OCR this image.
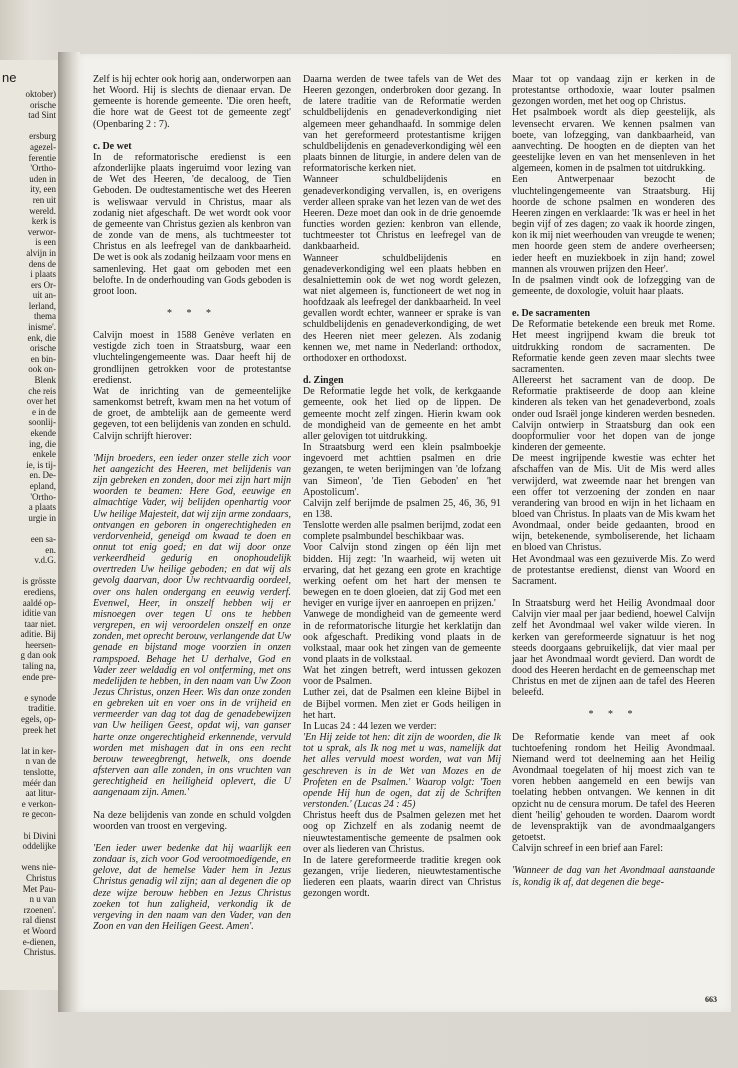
ne
oktober)
orische
tad Sint

ersburg
agezel-
ferentie
'Ortho-
uden in
ity, een
ren uit
wereld.
kerk is
verwor-
is een
alvijn in
dens de
i plaats
ers Or-
uit an-
lerland,
thema
inisme'.
enk, die
orische
en bin-
ook on-
Blenk
che reis
over het
e in de
soonlij-
ekende
ing, die
enkele
ie, is tij-
en. De-
epland,
'Ortho-
a plaats
urgie in

een sa-
en.
v.d.G.

is grösste
erediens,
aaldé op-
iditie van
taar niet.
aditie. Bij
heersen-
g dan ook
taling na,
ende pre-

e synode
traditie.
egels, op-
preek het

lat in ker-
n van de
tenslotte,
méér dan
aat litur-
e verkon-
re gecon-

bi Divini
oddelijke

wens nie-
Christus
Met Pau-
n u van
rzoenen'.
ral dienst
et Woord
e-dienen,
Christus.

Zelf is hij echter ook horig aan, onderworpen aan het Woord. Hij is slechts de dienaar ervan. De gemeente is horende gemeente. 'Die oren heeft, die hore wat de Geest tot de gemeente zegt' (Openbaring 2 : 7).

c. De wet

In de reformatorische eredienst is een afzonderlijke plaats ingeruimd voor lezing van de Wet des Heeren, 'de decaloog, de Tien Geboden. De oudtestamentische wet des Heeren is weliswaar vervuld in Christus, maar als zodanig niet afgeschaft. De wet wordt ook voor de gemeente van Christus gezien als kenbron van de zonde van de mens, als tuchtmeester tot Christus en als leefregel van de dankbaarheid. De wet is ook als zodanig heilzaam voor mens en samenleving. Het gaat om geboden met een belofte. In de onderhouding van Gods geboden is groot loon.

* * *

Calvijn moest in 1588 Genève verlaten en vestigde zich toen in Straatsburg, waar een vluchtelingengemeente was. Daar heeft hij de grondlijnen getrokken voor de protestantse eredienst.

Wat de inrichting van de gemeentelijke samenkomst betreft, kwam men na het votum of de groet, de ambtelijk aan de gemeente werd gegeven, tot een belijdenis van zonden en schuld. Calvijn schrijft hierover:

'Mijn broeders, een ieder onzer stelle zich voor het aangezicht des Heeren, met belijdenis van zijn gebreken en zonden, door mei zijn hart mijn woorden te beamen: Here God, eeuwige en almachtige Vader, wij belijden openhartig voor Uw heilige Majesteit, dat wij zijn arme zondaars, ontvangen en geboren in ongerechtigheden en verdorvenheid, geneigd om kwaad te doen en onnut tot enig goed; en dat wij door onze verkeerdheid gedurig en onophoudelijk overtreden Uw heilige geboden; en dat wij als gevolg daarvan, door Uw rechtvaardig oordeel, over ons halen ondergang en eeuwig verderf. Evenwel, Heer, in onszelf hebben wij er misnoegen over tegen U ons te hebben vergrepen, en wij veroordelen onszelf en onze zonden, met oprecht berouw, verlangende dat Uw genade en bijstand moge voorzien in onzen rampspoed. Behage het U derhalve, God en Vader zeer weldadig en vol ontferming, met ons medelijden te hebben, in den naam van Uw Zoon Jezus Christus, onzen Heer. Wis dan onze zonden en gebreken uit en voer ons in de vrijheid en vermeerder van dag tot dag de genadebewijzen van Uw heiligen Geest, opdat wij, van ganser harte onze ongerechtigheid erkennende, vervuld worden met mishagen dat in ons een recht berouw teweegbrengt, hetwelk, ons doende afsterven aan alle zonden, in ons vruchten van gerechtigheid en heiligheid oplevert, die U aangenaam zijn. Amen.'

Na deze belijdenis van zonde en schuld volgden woorden van troost en vergeving.

'Een ieder uwer bedenke dat hij waarlijk een zondaar is, zich voor God verootmoedigende, en gelove, dat de hemelse Vader hem in Jezus Christus genadig wil zijn; aan al degenen die op deze wijze berouw hebben en Jezus Christus zoeken tot hun zaligheid, verkondig ik de vergeving in den naam van den Vader, van den Zoon en van den Heiligen Geest. Amen'.

Daarna werden de twee tafels van de Wet des Heeren gezongen, onderbroken door gezang. In de latere traditie van de Reformatie werden schuldbelijdenis en genadeverkondiging niet algemeen meer gehandhaafd. In sommige delen van het gereformeerd protestantisme krijgen schuldbelijdenis en genadeverkondiging wèl een plaats binnen de liturgie, in andere delen van de reformatorische kerken niet.

Wanneer schuldbelijdenis en genadeverkondiging vervallen, is, en overigens verder alleen sprake van het lezen van de wet des Heeren. Deze moet dan ook in de drie genoemde functies worden gezien: kenbron van ellende, tuchtmeester tot Christus en leefregel van de dankbaarheid.

Wanneer schuldbelijdenis en genadeverkondiging wel een plaats hebben en desalniettemin ook de wet nog wordt gelezen, wat niet algemeen is, functioneert de wet nog in hoofdzaak als leefregel der dankbaarheid. In veel gevallen wordt echter, wanneer er sprake is van schuldbelijdenis en genadeverkondiging, de wet des Heeren niet meer gelezen. Als zodanig kennen we, met name in Nederland: orthodox, orthodoxer en orthodoxst.

d. Zingen

De Reformatie legde het volk, de kerkgaande gemeente, ook het lied op de lippen. De gemeente mocht zelf zingen. Hierin kwam ook de mondigheid van de gemeente en het ambt aller gelovigen tot uitdrukking.

In Straatsburg werd een klein psalmboekje ingevoerd met achttien psalmen en drie gezangen, te weten berijmingen van 'de lofzang van Simeon', 'de Tien Geboden' en 'het Apostolicum'.

Calvijn zelf berijmde de psalmen 25, 46, 36, 91 en 138.

Tenslotte werden alle psalmen berijmd, zodat een complete psalmbundel beschikbaar was.

Voor Calvijn stond zingen op één lijn met bidden. Hij zegt: 'In waarheid, wij weten uit ervaring, dat het gezang een grote en krachtige werking oefent om het hart der mensen te bewegen en te doen gloeien, dat zij God met een heviger en vurige ijver en aanroepen en prijzen.'

Vanwege de mondigheid van de gemeente werd in de reformatorische liturgie het kerklatijn dan ook afgeschaft. Prediking vond plaats in de volkstaal, maar ook het zingen van de gemeente vond plaats in de volkstaal.

Wat het zingen betreft, werd intussen gekozen voor de Psalmen.

Luther zei, dat de Psalmen een kleine Bijbel in de Bijbel vormen. Men ziet er Gods heiligen in het hart.

In Lucas 24 : 44 lezen we verder:

'En Hij zeide tot hen: dit zijn de woorden, die Ik tot u sprak, als Ik nog met u was, namelijk dat het alles vervuld moest worden, wat van Mij geschreven is in de Wet van Mozes en de Profeten en de Psalmen.' Waarop volgt: 'Toen opende Hij hun de ogen, dat zij de Schriften verstonden.' (Lucas 24 : 45)

Christus heeft dus de Psalmen gelezen met het oog op Zichzelf en als zodanig neemt de nieuwtestamentische gemeente de psalmen ook over als liederen van Christus.

In de latere gereformeerde traditie kregen ook gezangen, vrije liederen, nieuwtestamentische liederen een plaats, waarin direct van Christus gezongen wordt.

Maar tot op vandaag zijn er kerken in de protestantse orthodoxie, waar louter psalmen gezongen worden, met het oog op Christus.

Het psalmboek wordt als diep geestelijk, als levensecht ervaren. We kennen psalmen van boete, van lofzegging, van dankbaarheid, van aanvechting. De hoogten en de diepten van het geestelijke leven en van het mensenleven in het algemeen, komen in de psalmen tot uitdrukking.

Een Antwerpenaar bezocht de vluchtelingengemeente van Straatsburg. Hij hoorde de schone psalmen en wonderen des Heeren zingen en verklaarde: 'Ik was er heel in het begin vijf of zes dagen; zo vaak ik hoorde zingen, kon ik mij niet weerhouden van vreugde te wenen; men hoorde geen stem de andere overheersen; ieder heeft en muziekboek in zijn hand; zowel mannen als vrouwen prijzen den Heer'.

In de psalmen vindt ook de lofzegging van de gemeente, de doxologie, voluit haar plaats.

e. De sacramenten

De Reformatie betekende een breuk met Rome. Het meest ingrijpend kwam die breuk tot uitdrukking rondom de sacramenten. De Reformatie kende geen zeven maar slechts twee sacramenten.

Allereerst het sacrament van de doop. De Reformatie praktiseerde de doop aan kleine kinderen als teken van het genadeverbond, zoals onder oud Israël jonge kinderen werden besneden. Calvijn ontwierp in Straatsburg dan ook een doopformulier voor het dopen van de jonge kinderen der gemeente.

De meest ingrijpende kwestie was echter het afschaffen van de Mis. Uit de Mis werd alles verwijderd, wat zweemde naar het brengen van een offer tot verzoening der zonden en naar verandering van brood en wijn in het lichaam en bloed van Christus. In plaats van de Mis kwam het Avondmaal, onder beide gedaanten, brood en wijn, betekenende, symboliserende, het lichaam en bloed van Christus.

Het Avondmaal was een gezuiverde Mis. Zo werd de protestantse eredienst, dienst van Woord en Sacrament.

In Straatsburg werd het Heilig Avondmaal door Calvijn vier maal per jaar bediend, hoewel Calvijn zelf het Avondmaal wel vaker wilde vieren. In kerken van gereformeerde signatuur is het nog steeds doorgaans gebruikelijk, dat vier maal per jaar het Avondmaal wordt gevierd. Dan wordt de dood des Heeren herdacht en de gemeenschap met Christus en met de zijnen aan de tafel des Heeren beleefd.

* * *

De Reformatie kende van meet af ook tuchtoefening rondom het Heilig Avondmaal. Niemand werd tot deelneming aan het Heilig Avondmaal toegelaten of hij moest zich van te voren hebben aangemeld en een bewijs van toelating hebben ontvangen. We kennen in dit opzicht nu de censura morum. De tafel des Heeren dient 'heilig' gehouden te worden. Daarom wordt de levenspraktijk van de avondmaalgangers getoetst.

Calvijn schreef in een brief aan Farel:

'Wanneer de dag van het Avondmaal aanstaande is, kondig ik af, dat degenen die bege-

663
